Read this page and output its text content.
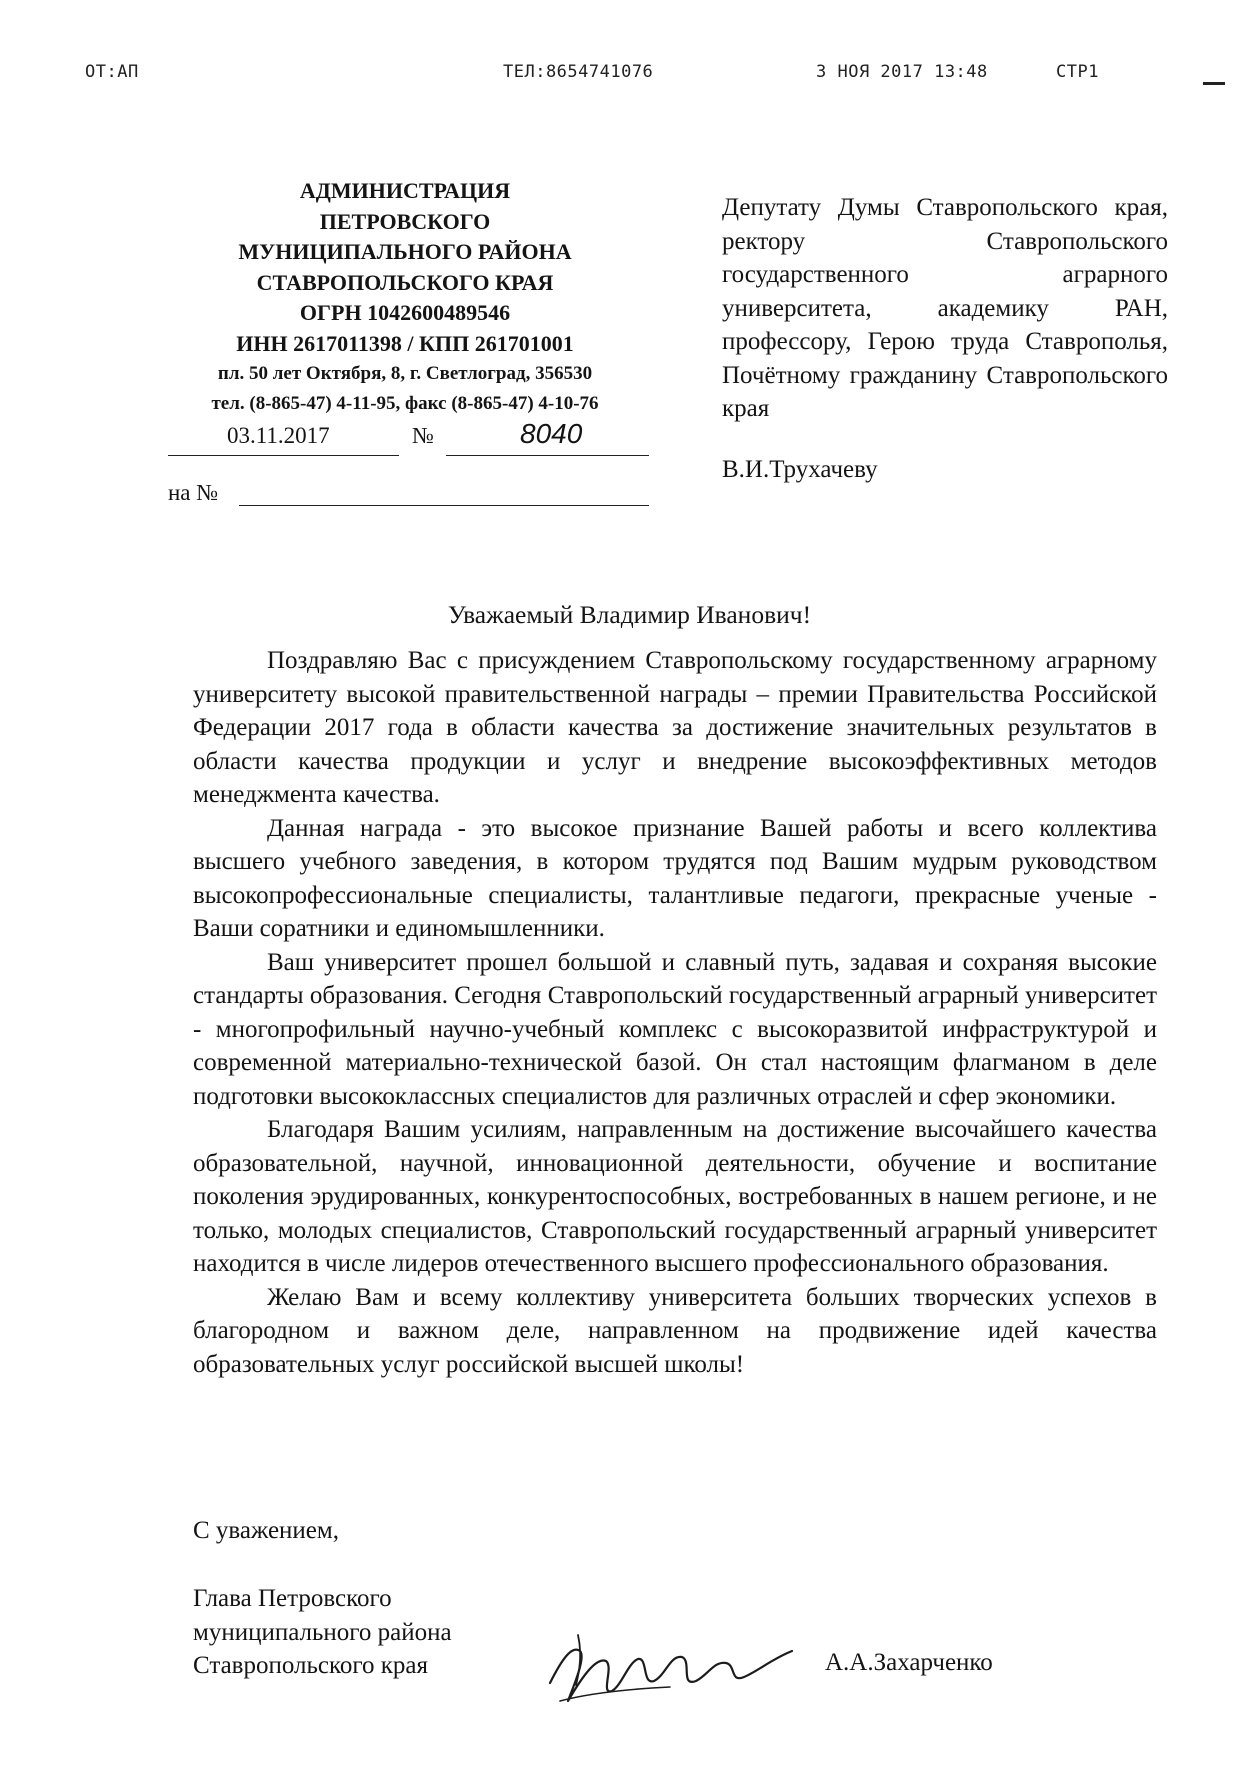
ОТ:АП	ТЕЛ:8654741076	3 НОЯ 2017 13:48	СТР1
АДМИНИСТРАЦИЯ
ПЕТРОВСКОГО
МУНИЦИПАЛЬНОГО РАЙОНА
СТАВРОПОЛЬСКОГО КРАЯ
ОГРН 1042600489546
ИНН 2617011398 / КПП 261701001
пл. 50 лет Октября, 8, г. Светлоград, 356530
тел. (8-865-47) 4-11-95, факс (8-865-47) 4-10-76
03.11.2017	№	8040
на №
Депутату Думы Ставропольского края, ректору Ставропольского государственного аграрного университета, академику РАН, профессору, Герою труда Ставрополья, Почётному гражданину Ставропольского края
В.И.Трухачеву
Уважаемый Владимир Иванович!

Поздравляю Вас с присуждением Ставропольскому государственному аграрному университету высокой правительственной награды – премии Правительства Российской Федерации 2017 года в области качества за достижение значительных результатов в области качества продукции и услуг и внедрение высокоэффективных методов менеджмента качества.

Данная награда - это высокое признание Вашей работы и всего коллектива высшего учебного заведения, в котором трудятся под Вашим мудрым руководством высокопрофессиональные специалисты, талантливые педагоги, прекрасные ученые - Ваши соратники и единомышленники.

Ваш университет прошел большой и славный путь, задавая и сохраняя высокие стандарты образования. Сегодня Ставропольский государственный аграрный университет - многопрофильный научно-учебный комплекс с высокоразвитой инфраструктурой и современной материально-технической базой. Он стал настоящим флагманом в деле подготовки высококлассных специалистов для различных отраслей и сфер экономики.

Благодаря Вашим усилиям, направленным на достижение высочайшего качества образовательной, научной, инновационной деятельности, обучение и воспитание поколения эрудированных, конкурентоспособных, востребованных в нашем регионе, и не только, молодых специалистов, Ставропольский государственный аграрный университет находится в числе лидеров отечественного высшего профессионального образования.

Желаю Вам и всему коллективу университета больших творческих успехов в благородном и важном деле, направленном на продвижение идей качества образовательных услуг российской высшей школы!

С уважением,
Глава Петровского
муниципального района
Ставропольского края	А.А.Захарченко
